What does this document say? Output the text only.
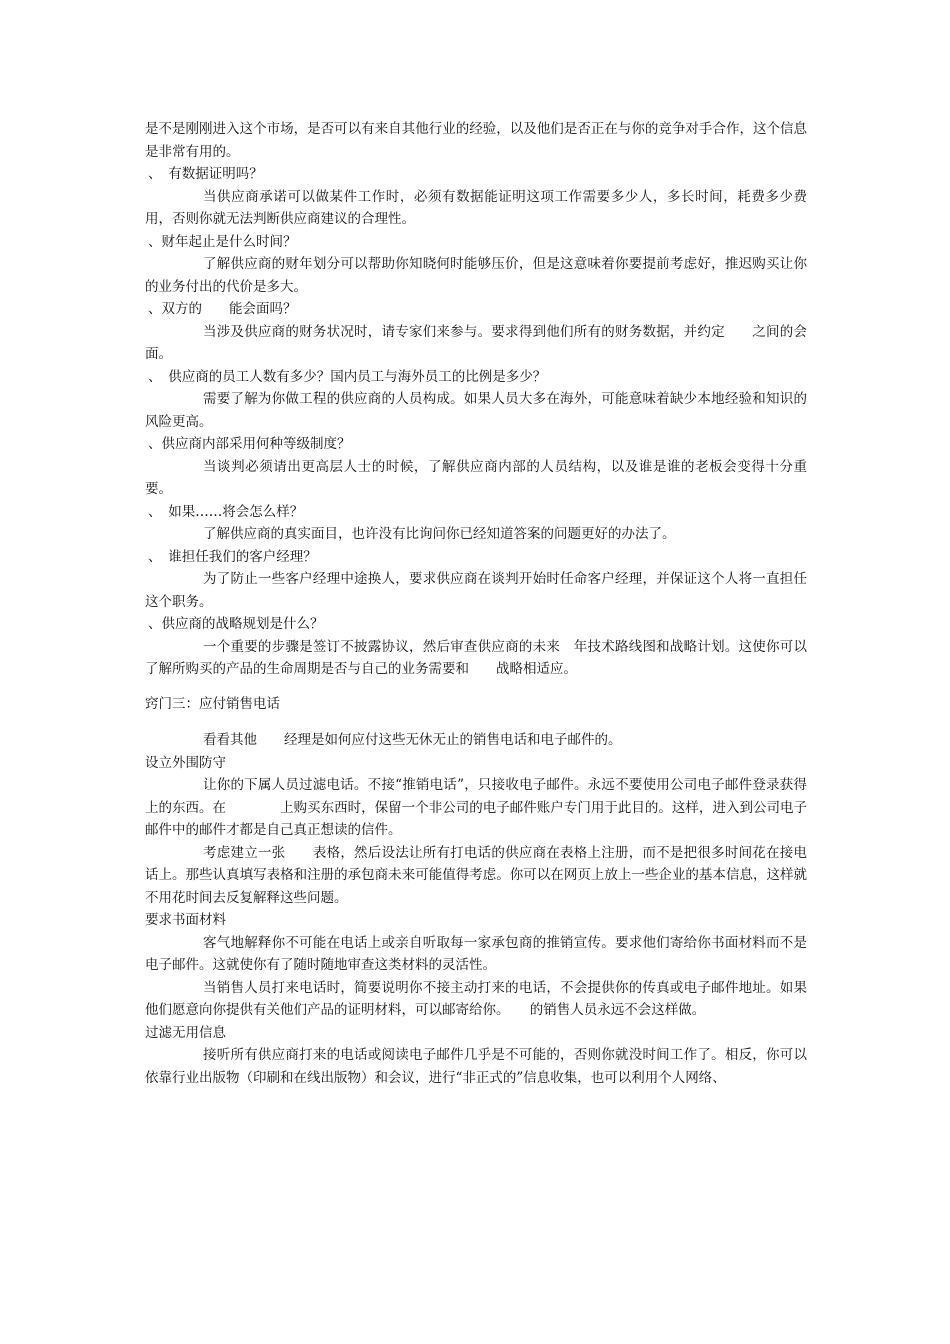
是不是刚刚进入这个市场，是否可以有来自其他行业的经验，以及他们是否正在与你的竞争对手合作，这个信息是非常有用的。

、　有数据证明吗？

当供应商承诺可以做某件工作时，必须有数据能证明这项工作需要多少人，多长时间，耗费多少费用，否则你就无法判断供应商建议的合理性。

、财年起止是什么时间？

了解供应商的财年划分可以帮助你知晓何时能够压价，但是这意味着你要提前考虑好，推迟购买让你的业务付出的代价是多大。

、双方的　　能会面吗？

当涉及供应商的财务状况时，请专家们来参与。要求得到他们所有的财务数据，并约定　　之间的会面。

、　供应商的员工人数有多少？国内员工与海外员工的比例是多少？

需要了解为你做工程的供应商的人员构成。如果人员大多在海外，可能意味着缺少本地经验和知识的风险更高。

、供应商内部采用何种等级制度？

当谈判必须请出更高层人士的时候，了解供应商内部的人员结构，以及谁是谁的老板会变得十分重要。

、　如果……将会怎么样？

了解供应商的真实面目，也许没有比询问你已经知道答案的问题更好的办法了。

、　谁担任我们的客户经理？

为了防止一些客户经理中途换人，要求供应商在谈判开始时任命客户经理，并保证这个人将一直担任这个职务。

、供应商的战略规划是什么？

一个重要的步骤是签订不披露协议，然后审查供应商的未来　年技术路线图和战略计划。这使你可以了解所购买的产品的生命周期是否与自己的业务需要和　　战略相适应。

窍门三：应付销售电话

看看其他　　经理是如何应付这些无休无止的销售电话和电子邮件的。

设立外围防守

让你的下属人员过滤电话。不接“推销电话”，只接收电子邮件。永远不要使用公司电子邮件登录获得　　　　上的东西。在　　　　上购买东西时，保留一个非公司的电子邮件账户专门用于此目的。这样，进入到公司电子邮件中的邮件才都是自己真正想读的信件。

考虑建立一张　　表格，然后设法让所有打电话的供应商在表格上注册，而不是把很多时间花在接电话上。那些认真填写表格和注册的承包商未来可能值得考虑。你可以在网页上放上一些企业的基本信息，这样就不用花时间去反复解释这些问题。

要求书面材料

客气地解释你不可能在电话上或亲自听取每一家承包商的推销宣传。要求他们寄给你书面材料而不是电子邮件。这就使你有了随时随地审查这类材料的灵活性。

当销售人员打来电话时，简要说明你不接主动打来的电话，不会提供你的传真或电子邮件地址。如果他们愿意向你提供有关他们产品的证明材料，可以邮寄给你。　　的销售人员永远不会这样做。

过滤无用信息

接听所有供应商打来的电话或阅读电子邮件几乎是不可能的，否则你就没时间工作了。相反，你可以依靠行业出版物（印刷和在线出版物）和会议，进行“非正式的”信息收集，也可以利用个人网络、
